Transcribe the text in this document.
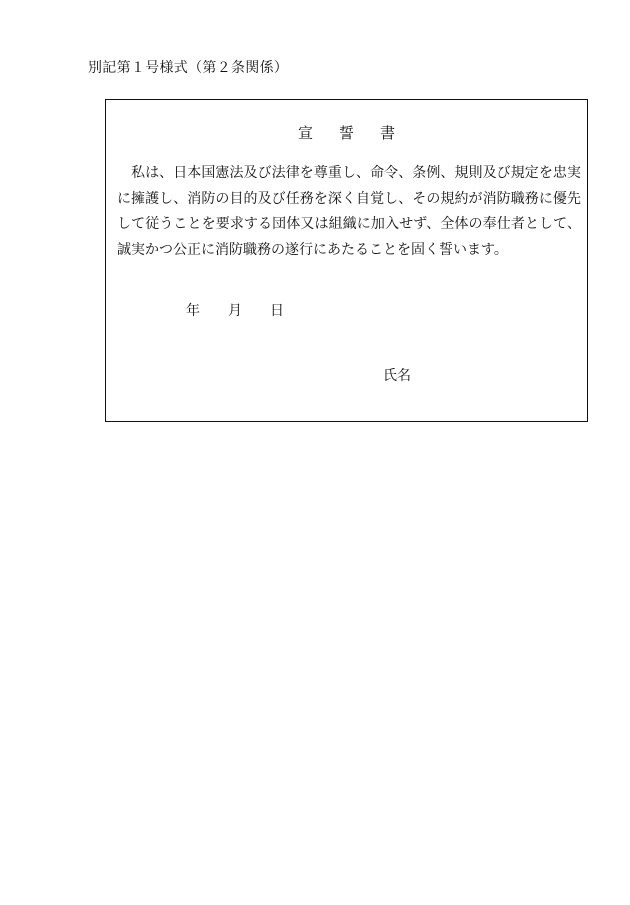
別記第１号様式（第２条関係）
宣誓書

私は、日本国憲法及び法律を尊重し、命令、条例、規則及び規定を忠実に擁護し、消防の目的及び任務を深く自覚し、その規約が消防職務に優先して従うことを要求する団体又は組織に加入せず、全体の奉仕者として、誠実かつ公正に消防職務の遂行にあたることを固く誓います。

年 月 日
氏名
